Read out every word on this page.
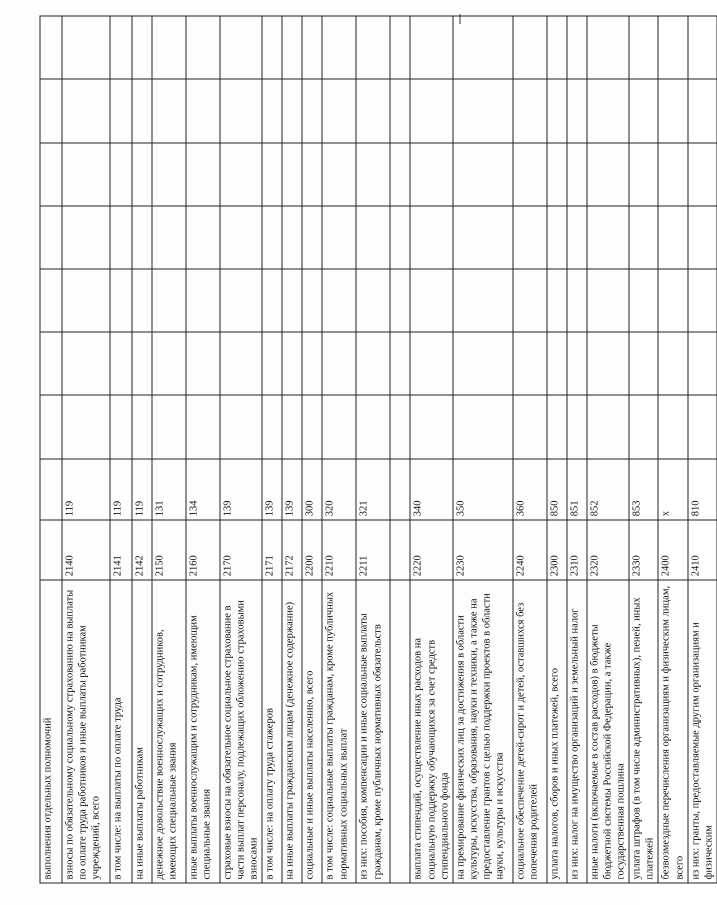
выполнения отдельных полномочий									
взносы по обязательному социальному страхованию на выплаты по оплате труда работников и иные выплаты работникам учреждений, всего	2140	119							
в том числе: на выплаты по оплате труда	2141	119							
на иные выплаты работникам	2142	119							
денежное довольствие военнослужащих и сотрудников, имеющих специальные звания	2150	131							
иные выплаты военнослужащим и сотрудникам, имеющим специальные звания	2160	134							
страховые взносы на обязательное социальное страхование в части выплат персоналу, подлежащих обложению страховыми взносами	2170	139							
в том числе: на оплату труда стажеров	2171	139							
на иные выплаты гражданским лицам (денежное содержание)	2172	139							
социальные и иные выплаты населению, всего	2200	300							
в том числе: социальные выплаты гражданам, кроме публичных нормативных социальных выплат	2210	320							
из них: пособия, компенсации и иные социальные выплаты гражданам, кроме публичных нормативных обязательств	2211	321							

выплата стипендий, осуществление иных расходов на социальную поддержку обучающихся за счет средств стипендиального фонда	2220	340							
на премирование физических лиц за достижения в области культуры, искусства, образования, науки и техники, а также на предоставление грантов с целью поддержки проектов в области науки, культуры и искусства	2230	350							
социальное обеспечение детей-сирот и детей, оставшихся без попечения родителей	2240	360							
уплата налогов, сборов и иных платежей, всего	2300	850							
из них: налог на имущество организаций и земельный налог	2310	851							
иные налоги (включаемые в состав расходов) в бюджеты бюджетной системы Российской Федерации, а также государственная пошлина	2320	852							
уплата штрафов (в том числе административных), пеней, иных платежей	2330	853							
безвозмездные перечисления организациям и физическим лицам, всего	2400	x							
из них: гранты, предоставляемые другим организациям и физическим	2410	810							
